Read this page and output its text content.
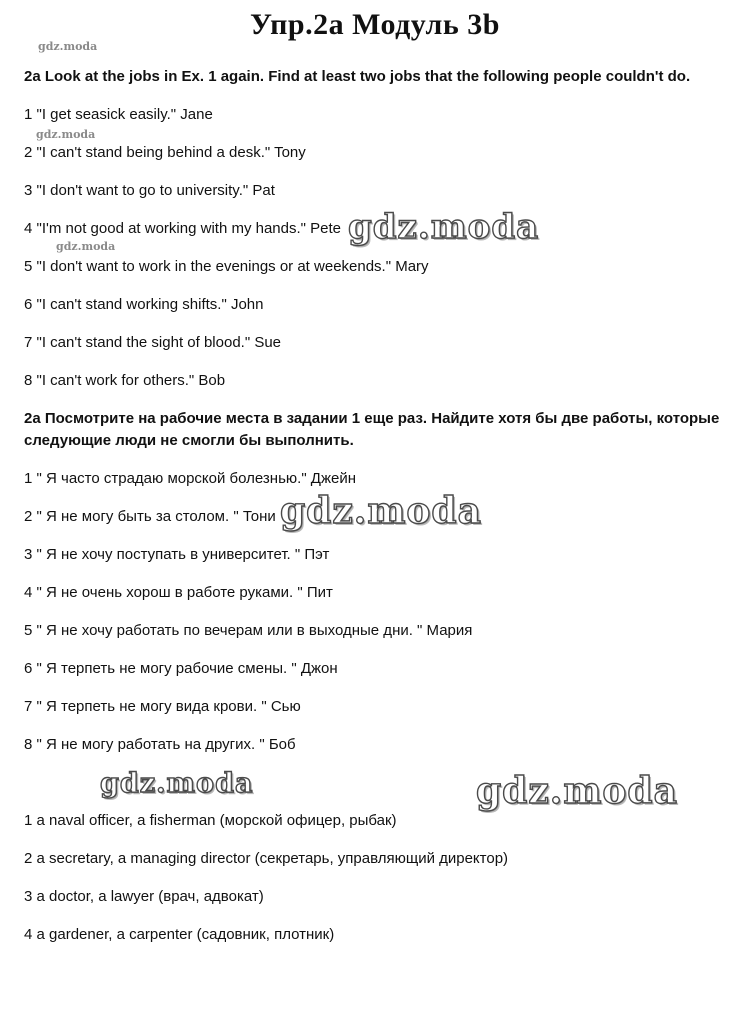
Упр.2a Модуль 3b
gdz.moda
2a Look at the jobs in Ex. 1 again. Find at least two jobs that the following people couldn't do.
1 "I get seasick easily." Jane
gdz.moda
2 "I can't stand being behind a desk." Tony
3 "I don't want to go to university." Pat
4 "I'm not good at working with my hands." Pete gdz.moda
gdz.moda
5 "I don't want to work in the evenings or at weekends." Mary
6 "I can't stand working shifts." John
7 "I can't stand the sight of blood." Sue
8 "I can't work for others." Bob
2a Посмотрите на рабочие места в задании 1 еще раз. Найдите хотя бы две работы, которые
следующие люди не смогли бы выполнить.
1 " Я часто страдаю морской болезнью." Джейн
2 " Я не могу быть за столом. " Тони gdz.moda
3 " Я не хочу поступать в университет. " Пэт
4 " Я не очень хорош в работе руками. " Пит
5 " Я не хочу работать по вечерам или в выходные дни. " Мария
6 " Я терпеть не могу рабочие смены. " Джон
7 " Я терпеть не могу вида крови. " Сью
8 " Я не могу работать на других. " Боб
gdz.moda	gdz.moda
1 a naval officer, a fisherman (морской офицер, рыбак)
2 a secretary, a managing director (секретарь, управляющий директор)
3 a doctor, a lawyer (врач, адвокат)
4 a gardener, a carpenter (садовник, плотник)
